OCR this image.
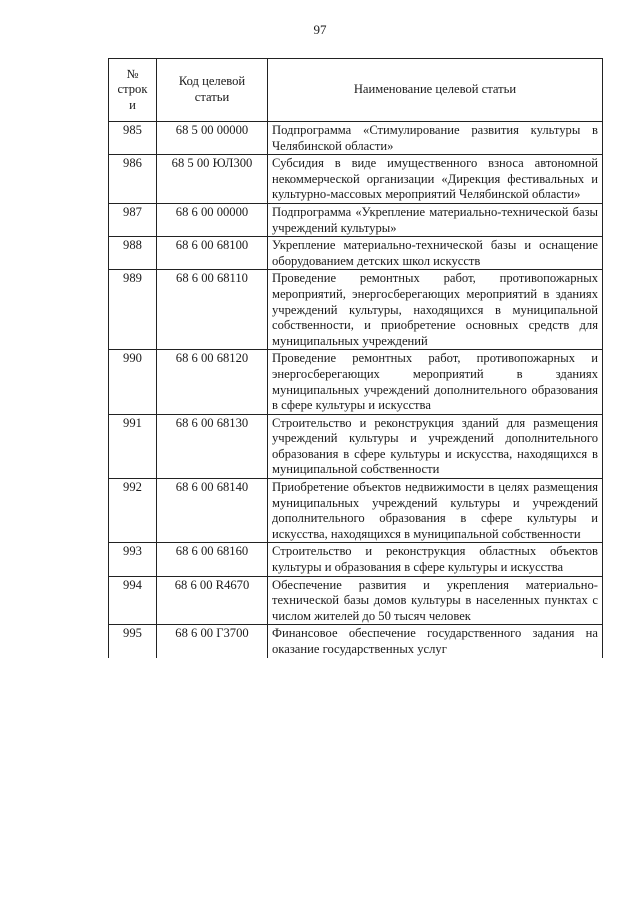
97
№ строк и	Код целевой статьи	Наименование целевой статьи
985	68 5 00 00000	Подпрограмма «Стимулирование развития культуры в Челябинской области»
986	68 5 00 ЮЛ300	Субсидия в виде имущественного взноса автономной некоммерческой организации «Дирекция фестивальных и культурно-массовых мероприятий Челябинской области»
987	68 6 00 00000	Подпрограмма «Укрепление материально-технической базы учреждений культуры»
988	68 6 00 68100	Укрепление материально-технической базы и оснащение оборудованием детских школ искусств
989	68 6 00 68110	Проведение ремонтных работ, противопожарных мероприятий, энергосберегающих мероприятий в зданиях учреждений культуры, находящихся в муниципальной собственности, и приобретение основных средств для муниципальных учреждений
990	68 6 00 68120	Проведение ремонтных работ, противопожарных и энергосберегающих мероприятий в зданиях муниципальных учреждений дополнительного образования в сфере культуры и искусства
991	68 6 00 68130	Строительство и реконструкция зданий для размещения учреждений культуры и учреждений дополнительного образования в сфере культуры и искусства, находящихся в муниципальной собственности
992	68 6 00 68140	Приобретение объектов недвижимости в целях размещения муниципальных учреждений культуры и учреждений дополнительного образования в сфере культуры и искусства, находящихся в муниципальной собственности
993	68 6 00 68160	Строительство и реконструкция областных объектов культуры и образования в сфере культуры и искусства
994	68 6 00 R4670	Обеспечение развития и укрепления материально-технической базы домов культуры в населенных пунктах с числом жителей до 50 тысяч человек
995	68 6 00 Г3700	Финансовое обеспечение государственного задания на оказание государственных услуг
